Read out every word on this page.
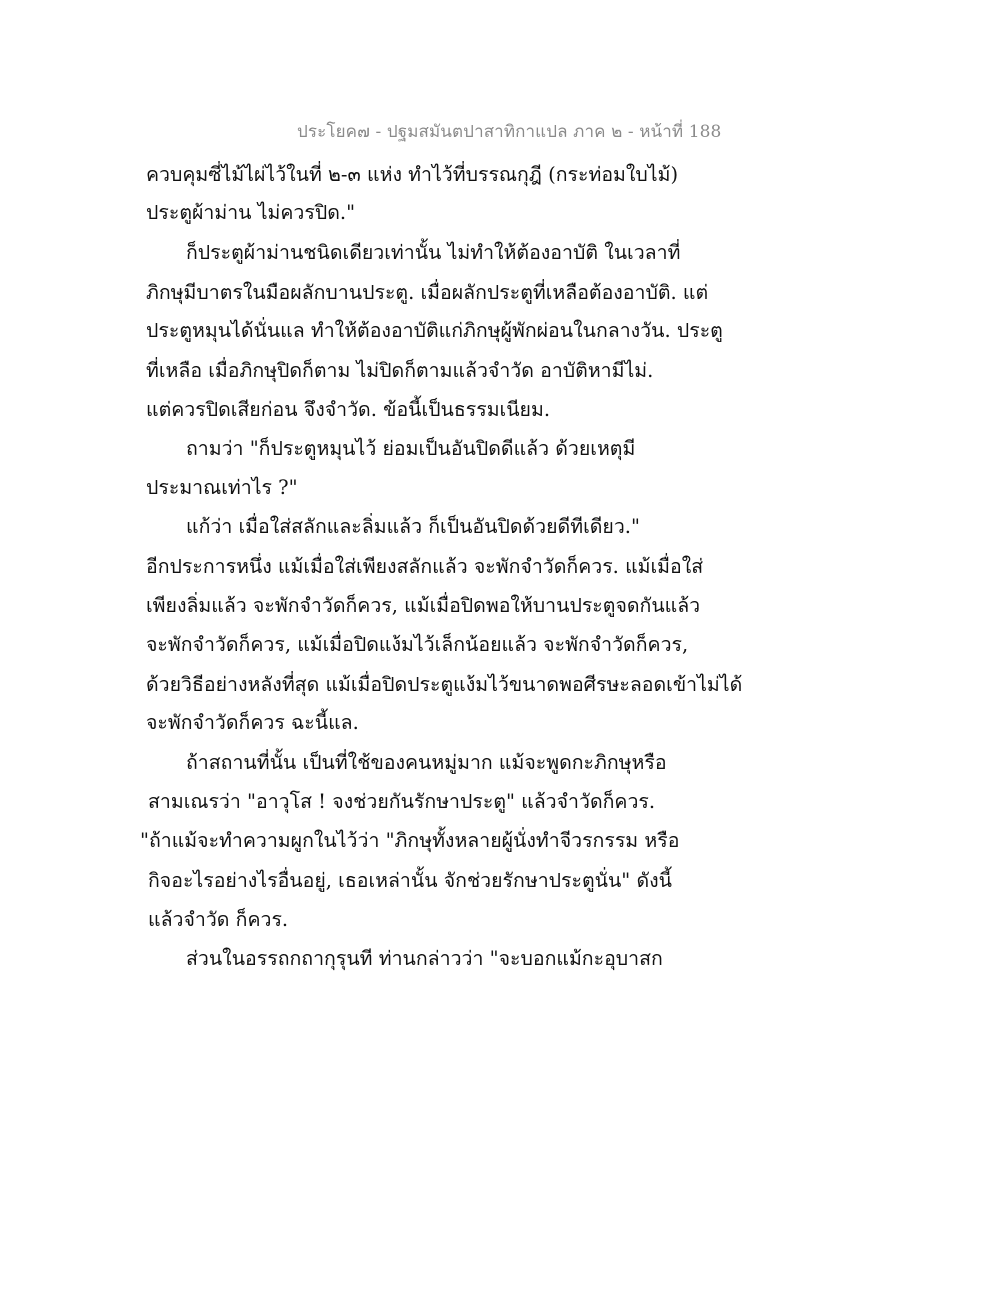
ประโยค๗ - ปฐมสมันตปาสาทิกาแปล ภาค ๒ - หน้าที่ 188
ควบคุมซี่ไม้ไผ่ไว้ในที่ ๒-๓ แห่ง ทำไว้ที่บรรณกุฎี (กระท่อมใบไม้)
ประตูผ้าม่าน ไม่ควรปิด."
ก็ประตูผ้าม่านชนิดเดียวเท่านั้น ไม่ทำให้ต้องอาบัติ ในเวลาที่
ภิกษุมีบาตรในมือผลักบานประตู. เมื่อผลักประตูที่เหลือต้องอาบัติ. แต่
ประตูหมุนได้นั่นแล ทำให้ต้องอาบัติแก่ภิกษุผู้พักผ่อนในกลางวัน. ประตู
ที่เหลือ เมื่อภิกษุปิดก็ตาม ไม่ปิดก็ตามแล้วจำวัด อาบัติหามีไม่.
แต่ควรปิดเสียก่อน จึงจำวัด. ข้อนี้เป็นธรรมเนียม.
ถามว่า "ก็ประตูหมุนไว้ ย่อมเป็นอันปิดดีแล้ว ด้วยเหตุมี
ประมาณเท่าไร ?"
แก้ว่า เมื่อใส่สลักและลิ่มแล้ว ก็เป็นอันปิดด้วยดีทีเดียว."
อีกประการหนึ่ง แม้เมื่อใส่เพียงสลักแล้ว จะพักจำวัดก็ควร. แม้เมื่อใส่
เพียงลิ่มแล้ว จะพักจำวัดก็ควร, แม้เมื่อปิดพอให้บานประตูจดกันแล้ว
จะพักจำวัดก็ควร, แม้เมื่อปิดแง้มไว้เล็กน้อยแล้ว จะพักจำวัดก็ควร,
ด้วยวิธีอย่างหลังที่สุด แม้เมื่อปิดประตูแง้มไว้ขนาดพอศีรษะลอดเข้าไม่ได้
จะพักจำวัดก็ควร ฉะนี้แล.
ถ้าสถานที่นั้น เป็นที่ใช้ของคนหมู่มาก แม้จะพูดกะภิกษุหรือ
สามเณรว่า "อาวุโส ! จงช่วยกันรักษาประตู" แล้วจำวัดก็ควร.
"ถ้าแม้จะทำความผูกในไว้ว่า "ภิกษุทั้งหลายผู้นั่งทำจีวรกรรม หรือ
กิจอะไรอย่างไรอื่นอยู่, เธอเหล่านั้น จักช่วยรักษาประตูนั่น" ดังนี้
แล้วจำวัด ก็ควร.
ส่วนในอรรถกถากุรุนที ท่านกล่าวว่า "จะบอกแม้กะอุบาสก
